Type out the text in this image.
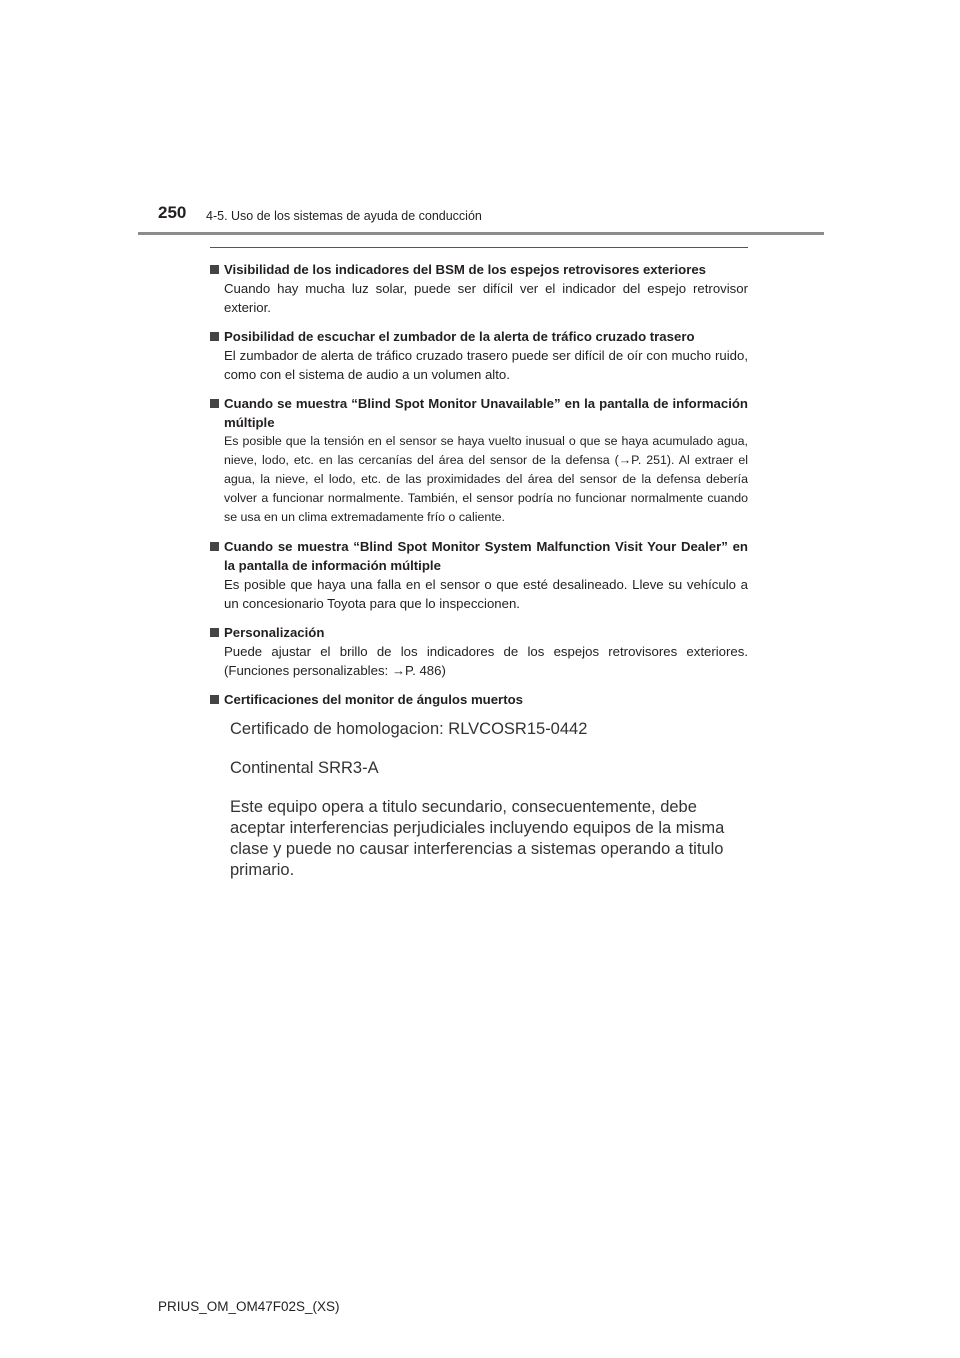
250 4-5. Uso de los sistemas de ayuda de conducción
Visibilidad de los indicadores del BSM de los espejos retrovisores exteriores
Cuando hay mucha luz solar, puede ser difícil ver el indicador del espejo retrovisor exterior.
Posibilidad de escuchar el zumbador de la alerta de tráfico cruzado trasero
El zumbador de alerta de tráfico cruzado trasero puede ser difícil de oír con mucho ruido, como con el sistema de audio a un volumen alto.
Cuando se muestra “Blind Spot Monitor Unavailable” en la pantalla de información múltiple
Es posible que la tensión en el sensor se haya vuelto inusual o que se haya acumulado agua, nieve, lodo, etc. en las cercanías del área del sensor de la defensa (→P. 251). Al extraer el agua, la nieve, el lodo, etc. de las proximidades del área del sensor de la defensa debería volver a funcionar normalmente. También, el sensor podría no funcionar normalmente cuando se usa en un clima extremadamente frío o caliente.
Cuando se muestra “Blind Spot Monitor System Malfunction Visit Your Dealer” en la pantalla de información múltiple
Es posible que haya una falla en el sensor o que esté desalineado. Lleve su vehículo a un concesionario Toyota para que lo inspeccionen.
Personalización
Puede ajustar el brillo de los indicadores de los espejos retrovisores exteriores. (Funciones personalizables: →P. 486)
Certificaciones del monitor de ángulos muertos
Certificado de homologacion: RLVCOSR15-0442
Continental SRR3-A
Este equipo opera a titulo secundario, consecuentemente, debe aceptar interferencias perjudiciales incluyendo equipos de la misma clase y puede no causar interferencias a sistemas operando a titulo primario.
PRIUS_OM_OM47F02S_(XS)
